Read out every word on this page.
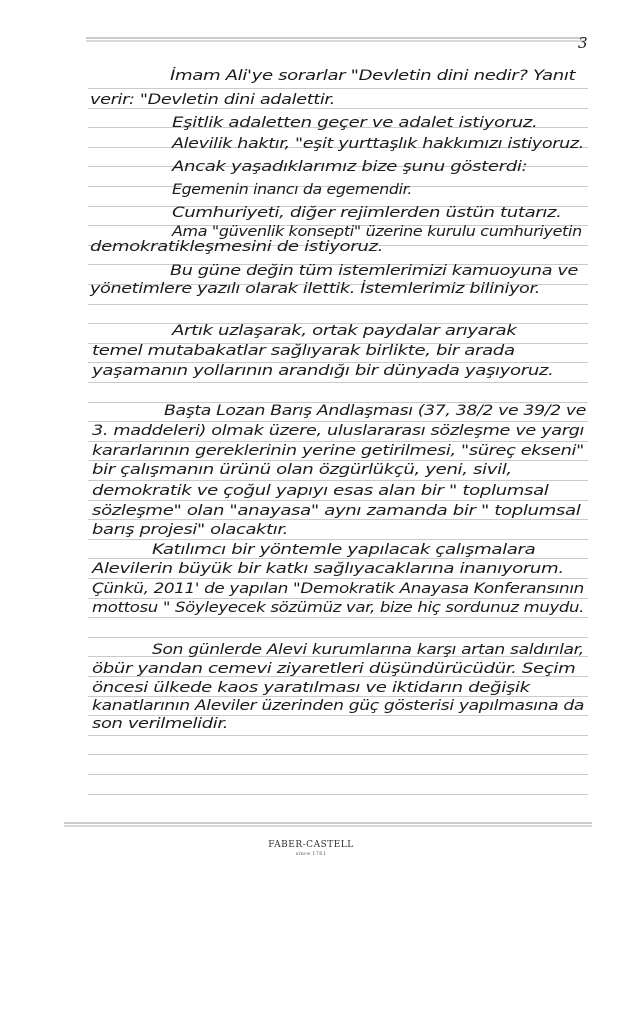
3
İmam Ali'ye sorarlar "Devletin dini nedir? Yanıt
verir: "Devletin dini adalettir.
Eşitlik adaletten geçer ve adalet istiyoruz.
Alevilik haktır, "eşit yurttaşlık hakkımızı istiyoruz.
Ancak yaşadıklarımız bize şunu gösterdi:
Egemenin inancı da egemendir.
Cumhuriyeti, diğer rejimlerden üstün tutarız.
Ama "güvenlik konsepti" üzerine kurulu cumhuriyetin
demokratikleşmesini de istiyoruz.
Bu güne değin tüm istemlerimizi kamuoyuna ve
yönetimlere yazılı olarak ilettik. İstemlerimiz biliniyor.
Artık uzlaşarak, ortak paydalar arıyarak
temel mutabakatlar sağlıyarak birlikte, bir arada
yaşamanın yollarının arandığı bir dünyada yaşıyoruz.
Başta Lozan Barış Andlaşması (37, 38/2 ve 39/2 ve
3. maddeleri) olmak üzere, uluslararası sözleşme ve yargı
kararlarının gereklerinin yerine getirilmesi, "süreç ekseni"
bir çalışmanın ürünü olan özgürlükçü, yeni, sivil,
demokratik ve çoğul yapıyı esas alan bir " toplumsal
sözleşme" olan "anayasa" aynı zamanda bir " toplumsal
barış projesi" olacaktır.
Katılımcı bir yöntemle yapılacak çalışmalara
Alevilerin büyük bir katkı sağlıyacaklarına inanıyorum.
Çünkü, 2011' de yapılan "Demokratik Anayasa Konferansının
mottosu " Söyleyecek sözümüz var, bize hiç sordunuz muydu.
Son günlerde Alevi kurumlarına karşı artan saldırılar,
öbür yandan cemevi ziyaretleri düşündürücüdür. Seçim
öncesi ülkede kaos yaratılması ve iktidarın değişik
kanatlarının Aleviler üzerinden güç gösterisi yapılmasına da
son verilmelidir.
FABER-CASTELL
since 1761
